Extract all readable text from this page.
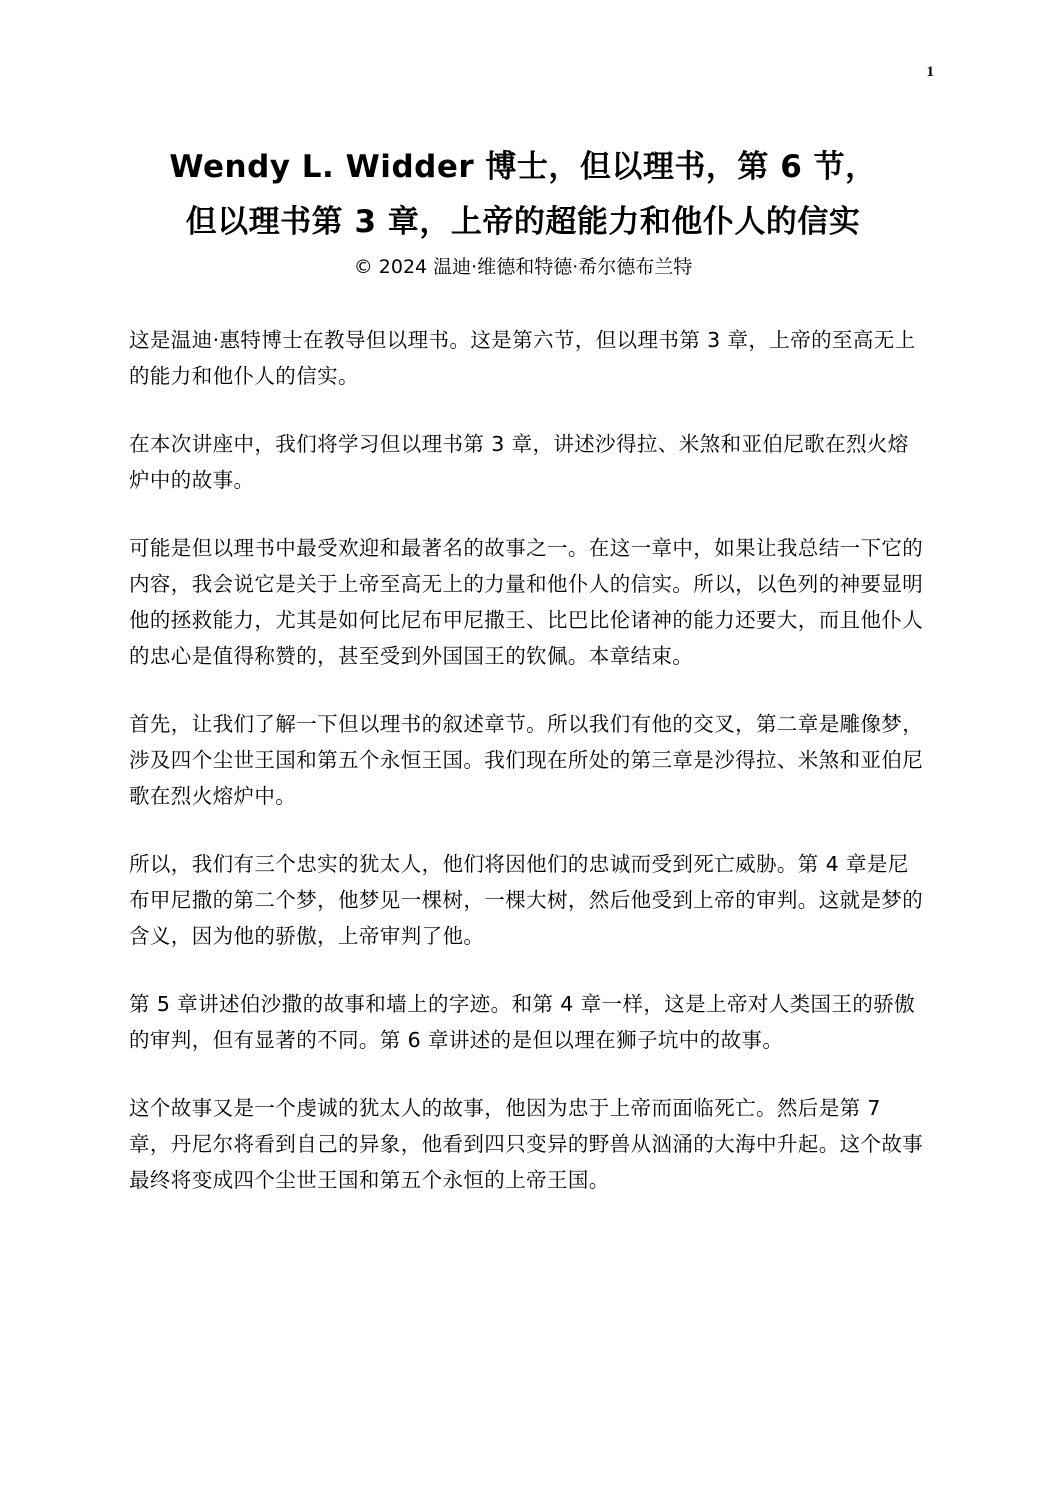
1
Wendy L. Widder 博士，但以理书，第 6 节，
但以理书第 3 章，上帝的超能力和他仆人的信实
© 2024 温迪·维德和特德·希尔德布兰特

这是温迪·惠特博士在教导但以理书。这是第六节，但以理书第 3 章，上帝的至高无上的能力和他仆人的信实。

在本次讲座中，我们将学习但以理书第 3 章，讲述沙得拉、米煞和亚伯尼歌在烈火熔炉中的故事。

可能是但以理书中最受欢迎和最著名的故事之一。在这一章中，如果让我总结一下它的内容，我会说它是关于上帝至高无上的力量和他仆人的信实。所以，以色列的神要显明他的拯救能力，尤其是如何比尼布甲尼撒王、比巴比伦诸神的能力还要大，而且他仆人的忠心是值得称赞的，甚至受到外国国王的钦佩。本章结束。

首先，让我们了解一下但以理书的叙述章节。所以我们有他的交叉，第二章是雕像梦，涉及四个尘世王国和第五个永恒王国。我们现在所处的第三章是沙得拉、米煞和亚伯尼歌在烈火熔炉中。

所以，我们有三个忠实的犹太人，他们将因他们的忠诚而受到死亡威胁。第 4 章是尼布甲尼撒的第二个梦，他梦见一棵树，一棵大树，然后他受到上帝的审判。这就是梦的含义，因为他的骄傲，上帝审判了他。

第 5 章讲述伯沙撒的故事和墙上的字迹。和第 4 章一样，这是上帝对人类国王的骄傲的审判，但有显著的不同。第 6 章讲述的是但以理在狮子坑中的故事。

这个故事又是一个虔诚的犹太人的故事，他因为忠于上帝而面临死亡。然后是第 7 章，丹尼尔将看到自己的异象，他看到四只变异的野兽从汹涌的大海中升起。这个故事最终将变成四个尘世王国和第五个永恒的上帝王国。
